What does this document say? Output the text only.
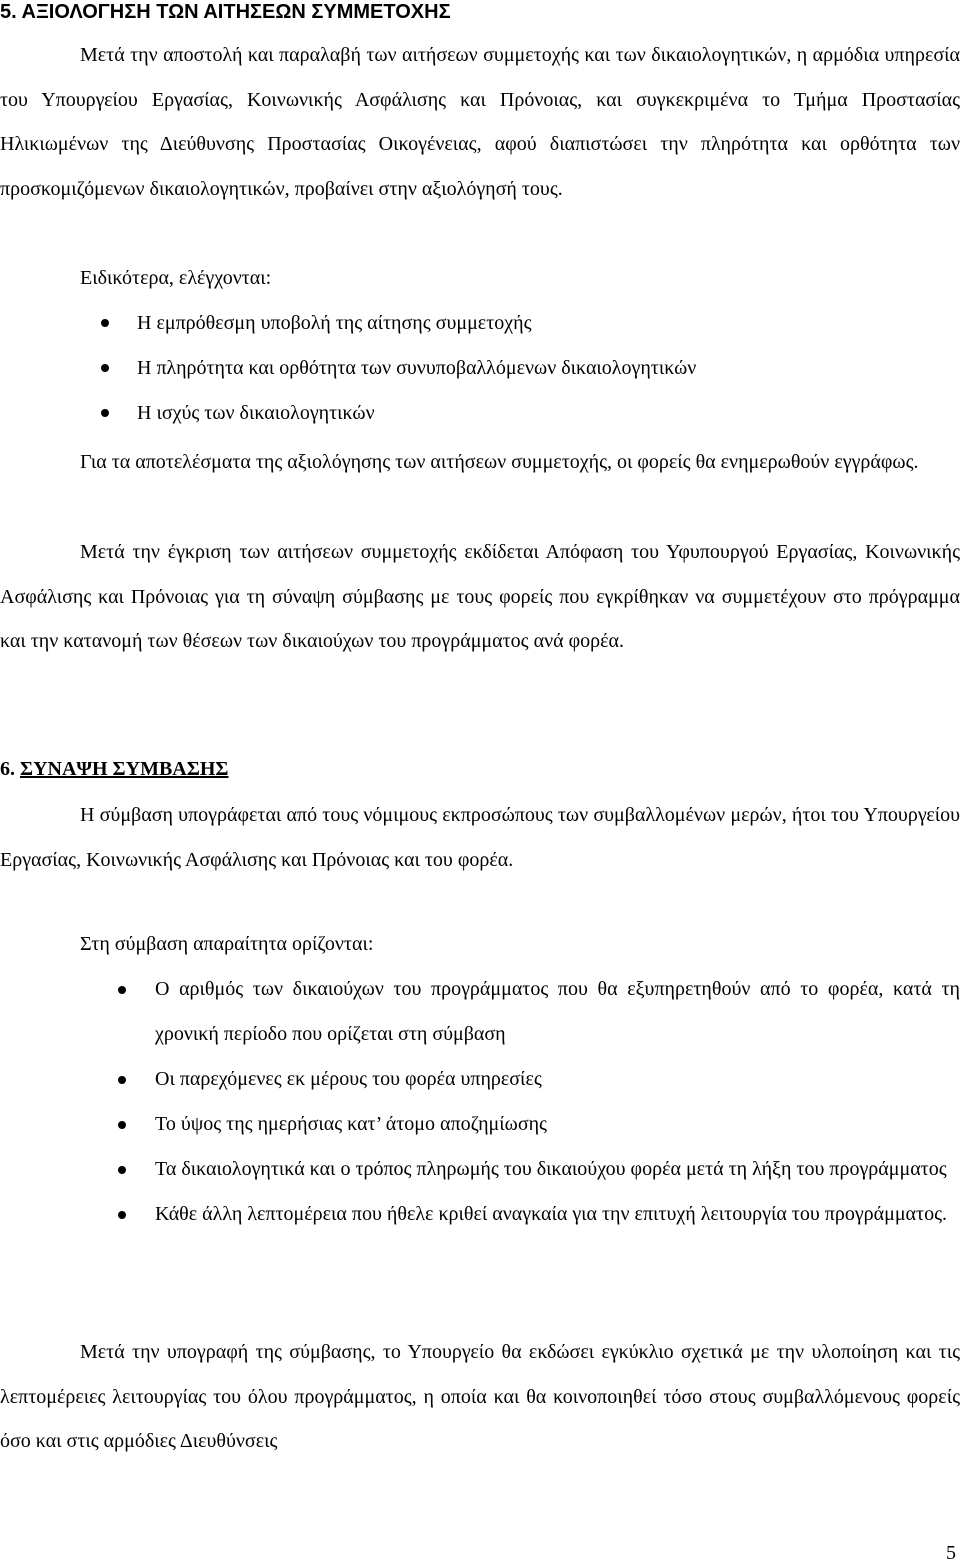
5. ΑΞΙΟΛΟΓΗΣΗ ΤΩΝ ΑΙΤΗΣΕΩΝ ΣΥΜΜΕΤΟΧΗΣ

Μετά την αποστολή και παραλαβή των αιτήσεων συμμετοχής και των δικαιολογητικών, η αρμόδια υπηρεσία του Υπουργείου Εργασίας, Κοινωνικής Ασφάλισης και Πρόνοιας, και συγκεκριμένα το Τμήμα Προστασίας Ηλικιωμένων της Διεύθυνσης Προστασίας Οικογένειας, αφού διαπιστώσει την πληρότητα και ορθότητα των προσκομιζόμενων δικαιολογητικών, προβαίνει στην αξιολόγησή τους.

Ειδικότερα, ελέγχονται:

Η εμπρόθεσμη υποβολή της αίτησης συμμετοχής
Η πληρότητα και ορθότητα των συνυποβαλλόμενων δικαιολογητικών
Η ισχύς των δικαιολογητικών

Για τα αποτελέσματα της αξιολόγησης των αιτήσεων συμμετοχής, οι φορείς θα ενημερωθούν εγγράφως.

Μετά την έγκριση των αιτήσεων συμμετοχής εκδίδεται Απόφαση του Υφυπουργού Εργασίας, Κοινωνικής Ασφάλισης και Πρόνοιας για τη σύναψη σύμβασης με τους φορείς που εγκρίθηκαν να συμμετέχουν στο πρόγραμμα και την κατανομή των θέσεων των δικαιούχων του προγράμματος ανά φορέα.

6. ΣΥΝΑΨΗ ΣΥΜΒΑΣΗΣ

Η σύμβαση υπογράφεται από τους νόμιμους εκπροσώπους των συμβαλλομένων μερών, ήτοι του Υπουργείου Εργασίας, Κοινωνικής Ασφάλισης και Πρόνοιας και του φορέα.

Στη σύμβαση απαραίτητα ορίζονται:

Ο αριθμός των δικαιούχων του προγράμματος που θα εξυπηρετηθούν από το φορέα, κατά τη χρονική περίοδο που ορίζεται στη σύμβαση
Οι παρεχόμενες εκ μέρους του φορέα υπηρεσίες
Το ύψος της ημερήσιας κατ’ άτομο αποζημίωσης
Τα δικαιολογητικά και ο τρόπος πληρωμής του δικαιούχου φορέα μετά τη λήξη του προγράμματος
Κάθε άλλη λεπτομέρεια που ήθελε κριθεί αναγκαία για την επιτυχή λειτουργία του προγράμματος.

Μετά την υπογραφή της σύμβασης, το Υπουργείο θα εκδώσει εγκύκλιο σχετικά με την υλοποίηση και τις λεπτομέρειες λειτουργίας του όλου προγράμματος, η οποία και θα κοινοποιηθεί τόσο στους συμβαλλόμενους φορείς όσο και στις αρμόδιες Διευθύνσεις

5
